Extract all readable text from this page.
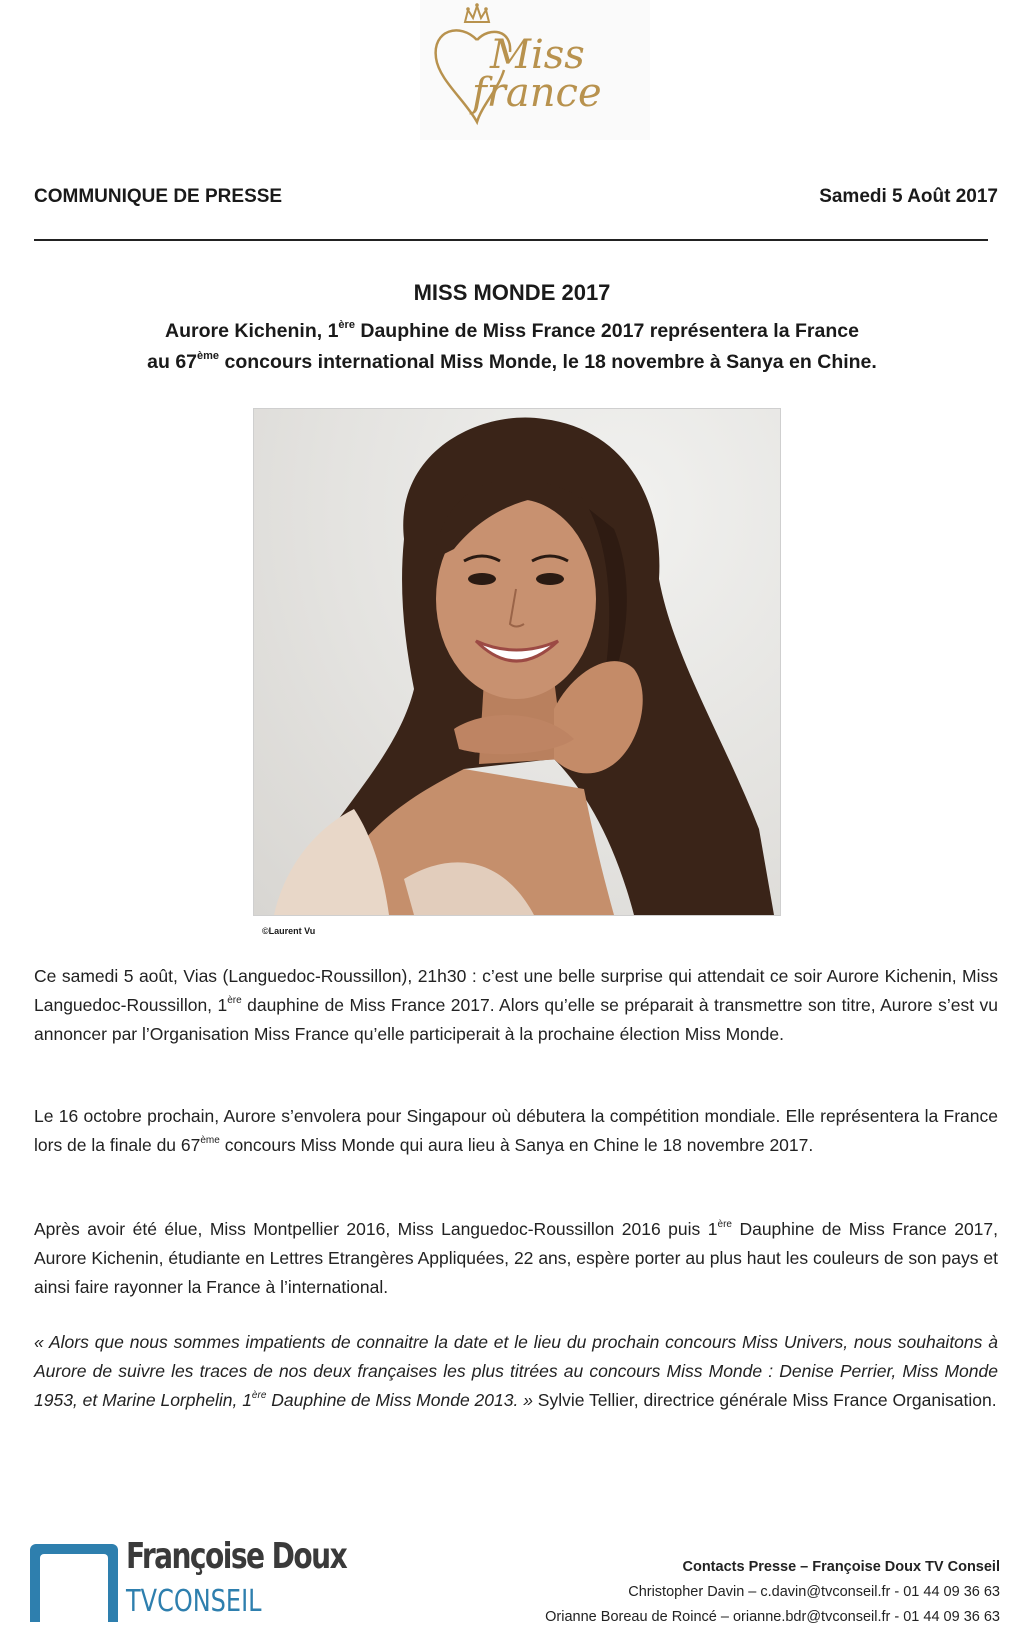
Miss
france
COMMUNIQUE DE PRESSE	Samedi 5 Août 2017
MISS MONDE 2017
Aurore Kichenin, 1ère Dauphine de Miss France 2017 représentera la France
au 67ème concours international Miss Monde, le 18 novembre à Sanya en Chine.
©Laurent Vu
Ce samedi 5 août, Vias (Languedoc-Roussillon), 21h30 : c’est une belle surprise qui attendait ce soir Aurore Kichenin, Miss Languedoc-Roussillon, 1ère dauphine de Miss France 2017. Alors qu’elle se préparait à transmettre son titre, Aurore s’est vu annoncer par l’Organisation Miss France qu’elle participerait à la prochaine élection Miss Monde.
Le 16 octobre prochain, Aurore s’envolera pour Singapour où débutera la compétition mondiale. Elle représentera la France lors de la finale du 67ème concours Miss Monde qui aura lieu à Sanya en Chine le 18 novembre 2017.
Après avoir été élue, Miss Montpellier 2016, Miss Languedoc-Roussillon 2016 puis 1ère Dauphine de Miss France 2017, Aurore Kichenin, étudiante en Lettres Etrangères Appliquées, 22 ans, espère porter au plus haut les couleurs de son pays et ainsi faire rayonner la France à l’international.
« Alors que nous sommes impatients de connaitre la date et le lieu du prochain concours Miss Univers, nous souhaitons à Aurore de suivre les traces de nos deux françaises les plus titrées au concours Miss Monde : Denise Perrier, Miss Monde 1953, et Marine Lorphelin, 1ère Dauphine de Miss Monde 2013. » Sylvie Tellier, directrice générale Miss France Organisation.
Françoise Doux
TVCONSEIL
Contacts Presse – Françoise Doux TV Conseil
Christopher Davin – c.davin@tvconseil.fr - 01 44 09 36 63
Orianne Boreau de Roincé – orianne.bdr@tvconseil.fr - 01 44 09 36 63
